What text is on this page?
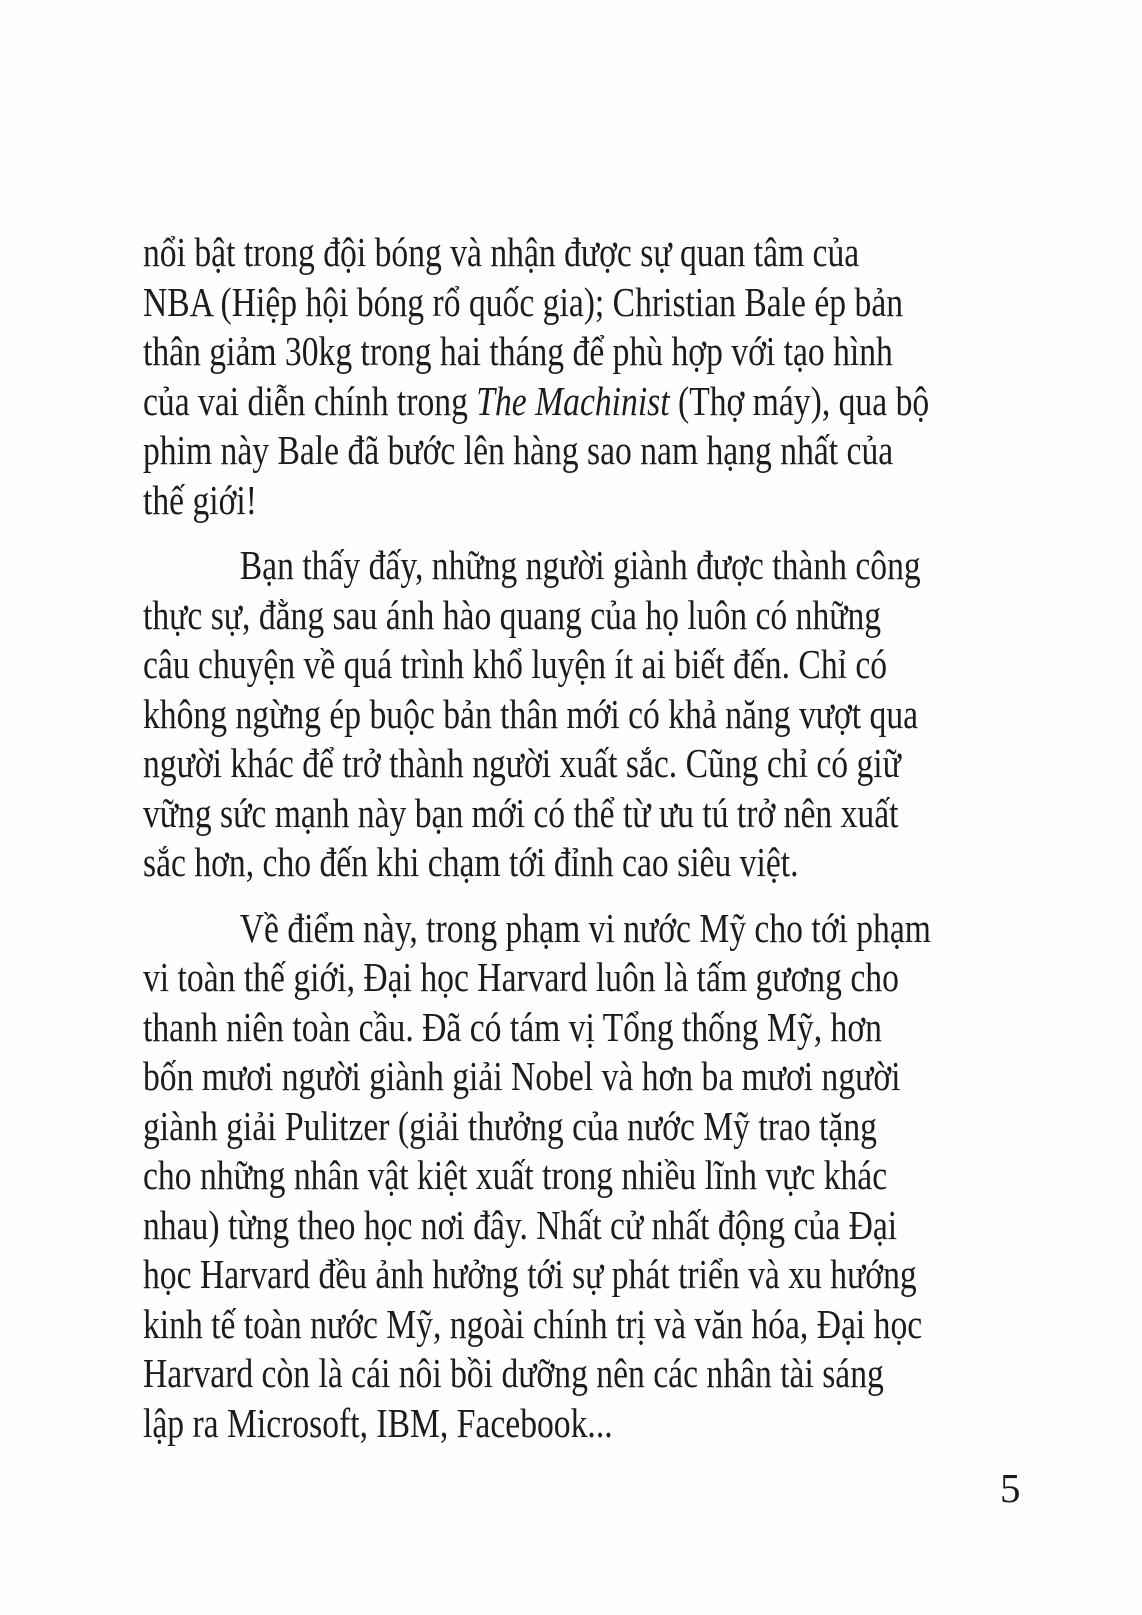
nổi bật trong đội bóng và nhận được sự quan tâm của
NBA (Hiệp hội bóng rổ quốc gia); Christian Bale ép bản
thân giảm 30kg trong hai tháng để phù hợp với tạo hình
của vai diễn chính trong The Machinist (Thợ máy), qua bộ
phim này Bale đã bước lên hàng sao nam hạng nhất của
thế giới!
Bạn thấy đấy, những người giành được thành công
thực sự, đằng sau ánh hào quang của họ luôn có những
câu chuyện về quá trình khổ luyện ít ai biết đến. Chỉ có
không ngừng ép buộc bản thân mới có khả năng vượt qua
người khác để trở thành người xuất sắc. Cũng chỉ có giữ
vững sức mạnh này bạn mới có thể từ ưu tú trở nên xuất
sắc hơn, cho đến khi chạm tới đỉnh cao siêu việt.
Về điểm này, trong phạm vi nước Mỹ cho tới phạm
vi toàn thế giới, Đại học Harvard luôn là tấm gương cho
thanh niên toàn cầu. Đã có tám vị Tổng thống Mỹ, hơn
bốn mươi người giành giải Nobel và hơn ba mươi người
giành giải Pulitzer (giải thưởng của nước Mỹ trao tặng
cho những nhân vật kiệt xuất trong nhiều lĩnh vực khác
nhau) từng theo học nơi đây. Nhất cử nhất động của Đại
học Harvard đều ảnh hưởng tới sự phát triển và xu hướng
kinh tế toàn nước Mỹ, ngoài chính trị và văn hóa, Đại học
Harvard còn là cái nôi bồi dưỡng nên các nhân tài sáng
lập ra Microsoft, IBM, Facebook...
5
